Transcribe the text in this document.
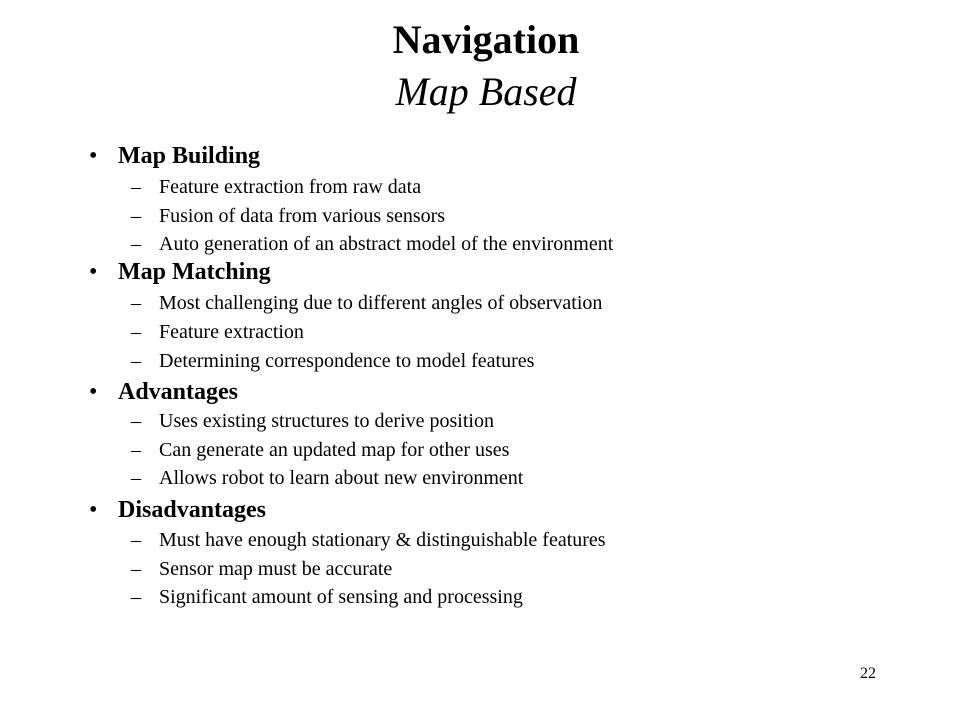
Navigation
Map Based
• Map Building
– Feature extraction from raw data
– Fusion of data from various sensors
– Auto generation of an abstract model of the environment
• Map Matching
– Most challenging due to different angles of observation
– Feature extraction
– Determining correspondence to model features
• Advantages
– Uses existing structures to derive position
– Can generate an updated map for other uses
– Allows robot to learn about new environment
• Disadvantages
– Must have enough stationary & distinguishable features
– Sensor map must be accurate
– Significant amount of sensing and processing
22
